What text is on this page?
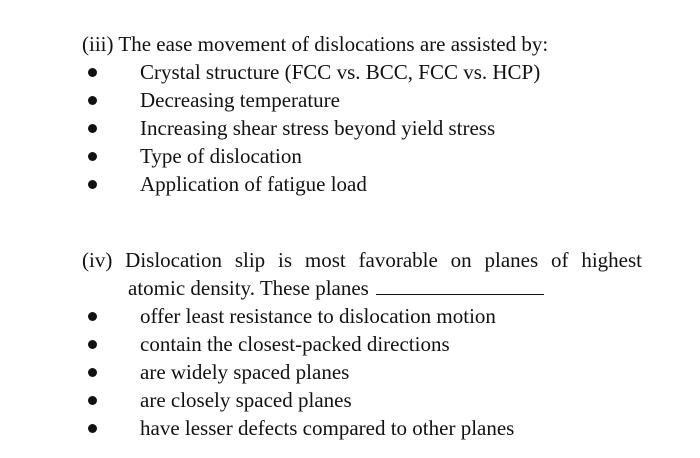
(iii) The ease movement of dislocations are assisted by:
Crystal structure (FCC vs. BCC, FCC vs. HCP)
Decreasing temperature
Increasing shear stress beyond yield stress
Type of dislocation
Application of fatigue load
(iv) Dislocation slip is most favorable on planes of highest
atomic density. These planes
offer least resistance to dislocation motion
contain the closest-packed directions
are widely spaced planes
are closely spaced planes
have lesser defects compared to other planes
